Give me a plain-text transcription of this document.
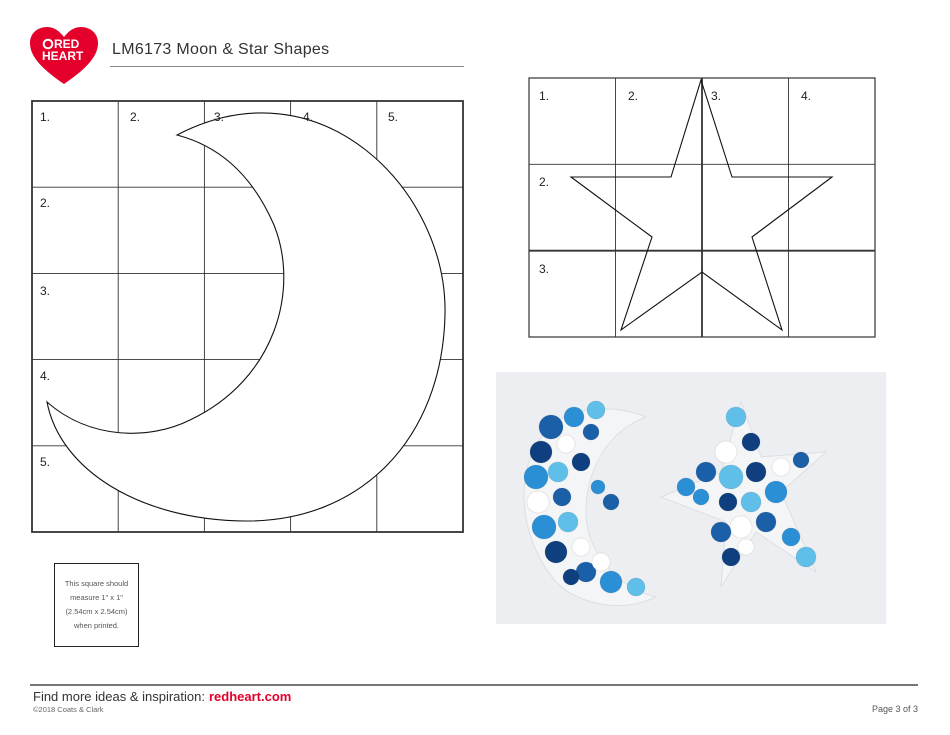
RED
HEART LM6173 Moon & Star Shapes
1.	2.	3.	4.	5.
2.
3.
4.
5.
1.	2.	3.	4.
2.
3.
This square should measure 1" x 1" (2.54cm x 2.54cm) when printed.
Find more ideas & inspiration: redheart.com
©2018 Coats & Clark	Page 3 of 3
